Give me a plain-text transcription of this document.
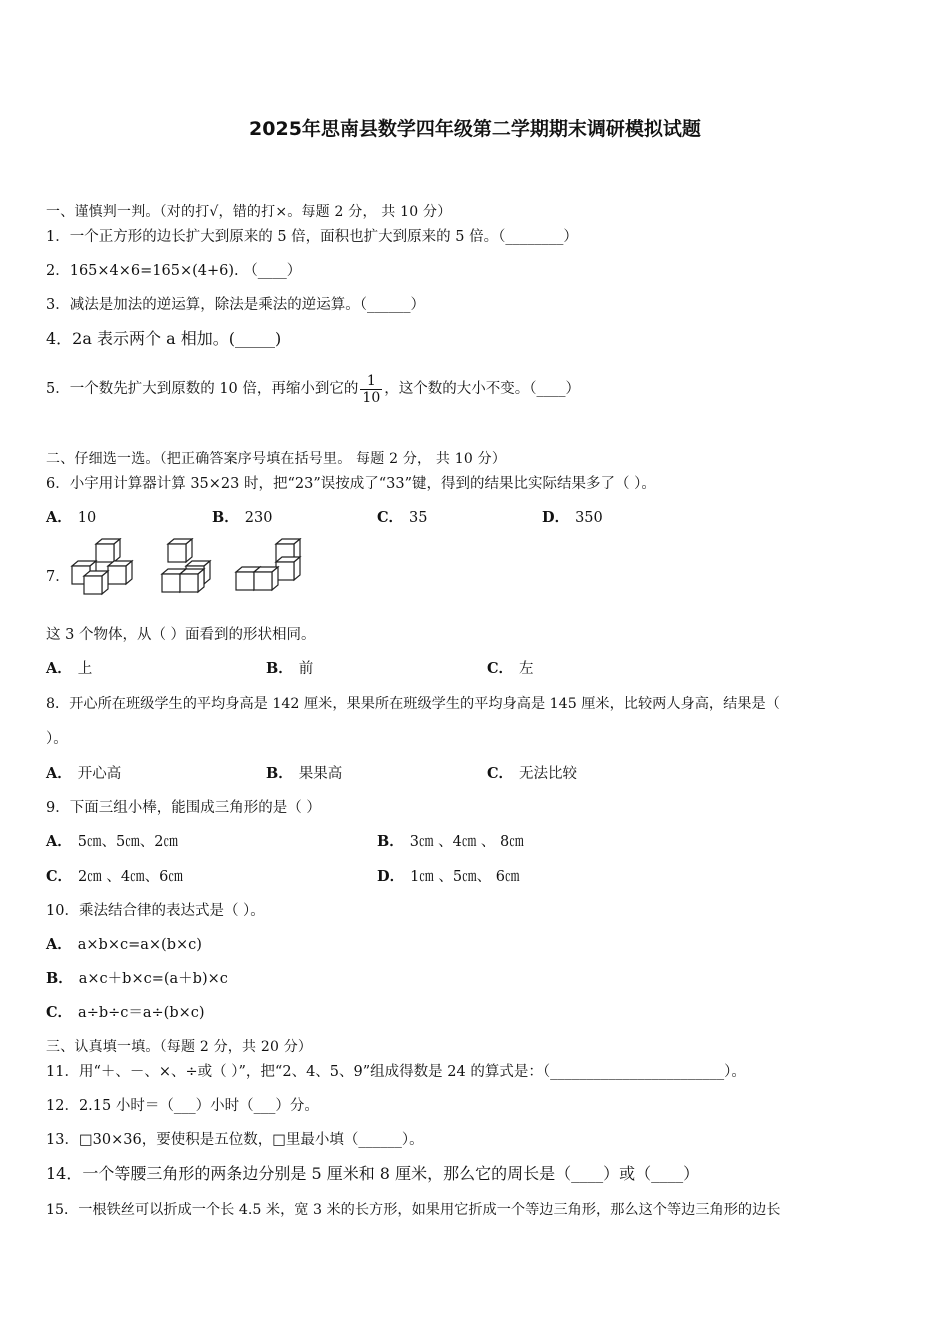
2025年思南县数学四年级第二学期期末调研模拟试题
一、谨慎判一判。（对的打√，错的打×。每题 2 分， 共 10 分）
1．一个正方形的边长扩大到原来的 5 倍，面积也扩大到原来的 5 倍。（________）
2．165×4×6=165×(4+6). （____）
3．减法是加法的逆运算，除法是乘法的逆运算。（______）
4．2a 表示两个 a 相加。(_____)
5．一个数先扩大到原数的 10 倍，再缩小到它的 $\frac{1}{10}$ ，这个数的大小不变。（____）
二、仔细选一选。（把正确答案序号填在括号里。 每题 2 分， 共 10 分）
6．小宇用计算器计算 35×23 时，把“23”误按成了“33”键，得到的结果比实际结果多了（ ）。
A． 10	B． 230	C． 35	D． 350
7．
这 3 个物体，从（ ）面看到的形状相同。
A． 上	B． 前	C． 左
8．开心所在班级学生的平均身高是 142 厘米，果果所在班级学生的平均身高是 145 厘米，比较两人身高，结果是（
）。
A． 开心高	B． 果果高	C． 无法比较
9．下面三组小棒，能围成三角形的是（ ）
A． 5㎝、5㎝、2㎝	B． 3㎝ 、4㎝ 、 8㎝
C． 2㎝ 、4㎝、6㎝	D． 1㎝ 、5㎝、 6㎝
10．乘法结合律的表达式是（ ）。
A． a×b×c=a×(b×c)
B． a×c＋b×c=(a＋b)×c
C． a÷b÷c＝a÷(b×c)
三、认真填一填。（每题 2 分，共 20 分）
11．用“＋、－、×、÷或（ ）”，把“2、4、5、9”组成得数是 24 的算式是：（________________________）。
12．2.15 小时＝（___）小时（___）分。
13．□30×36，要使积是五位数，□里最小填（______）。
14．一个等腰三角形的两条边分别是 5 厘米和 8 厘米，那么它的周长是（____）或（____）
15．一根铁丝可以折成一个长 4.5 米，宽 3 米的长方形，如果用它折成一个等边三角形，那么这个等边三角形的边长
